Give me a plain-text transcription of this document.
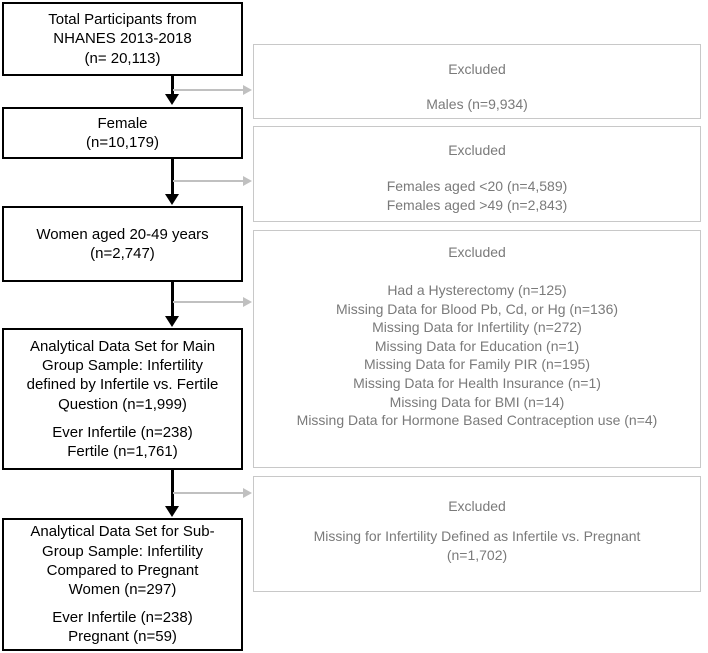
Total Participants from
NHANES 2013-2018
(n= 20,113)
Female
(n=10,179)
Women aged 20-49 years
(n=2,747)
Analytical Data Set for Main
Group Sample: Infertility
defined by Infertile vs. Fertile
Question (n=1,999)
Ever Infertile (n=238)
Fertile (n=1,761)
Analytical Data Set for Sub-
Group Sample: Infertility
Compared to Pregnant
Women (n=297)
Ever Infertile (n=238)
Pregnant (n=59)
Excluded
Males (n=9,934)
Excluded
Females aged <20 (n=4,589)
Females aged >49 (n=2,843)
Excluded
Had a Hysterectomy (n=125)
Missing Data for Blood Pb, Cd, or Hg (n=136)
Missing Data for Infertility (n=272)
Missing Data for Education (n=1)
Missing Data for Family PIR (n=195)
Missing Data for Health Insurance (n=1)
Missing Data for BMI (n=14)
Missing Data for Hormone Based Contraception use (n=4)
Excluded
Missing for Infertility Defined as Infertile vs. Pregnant
(n=1,702)
